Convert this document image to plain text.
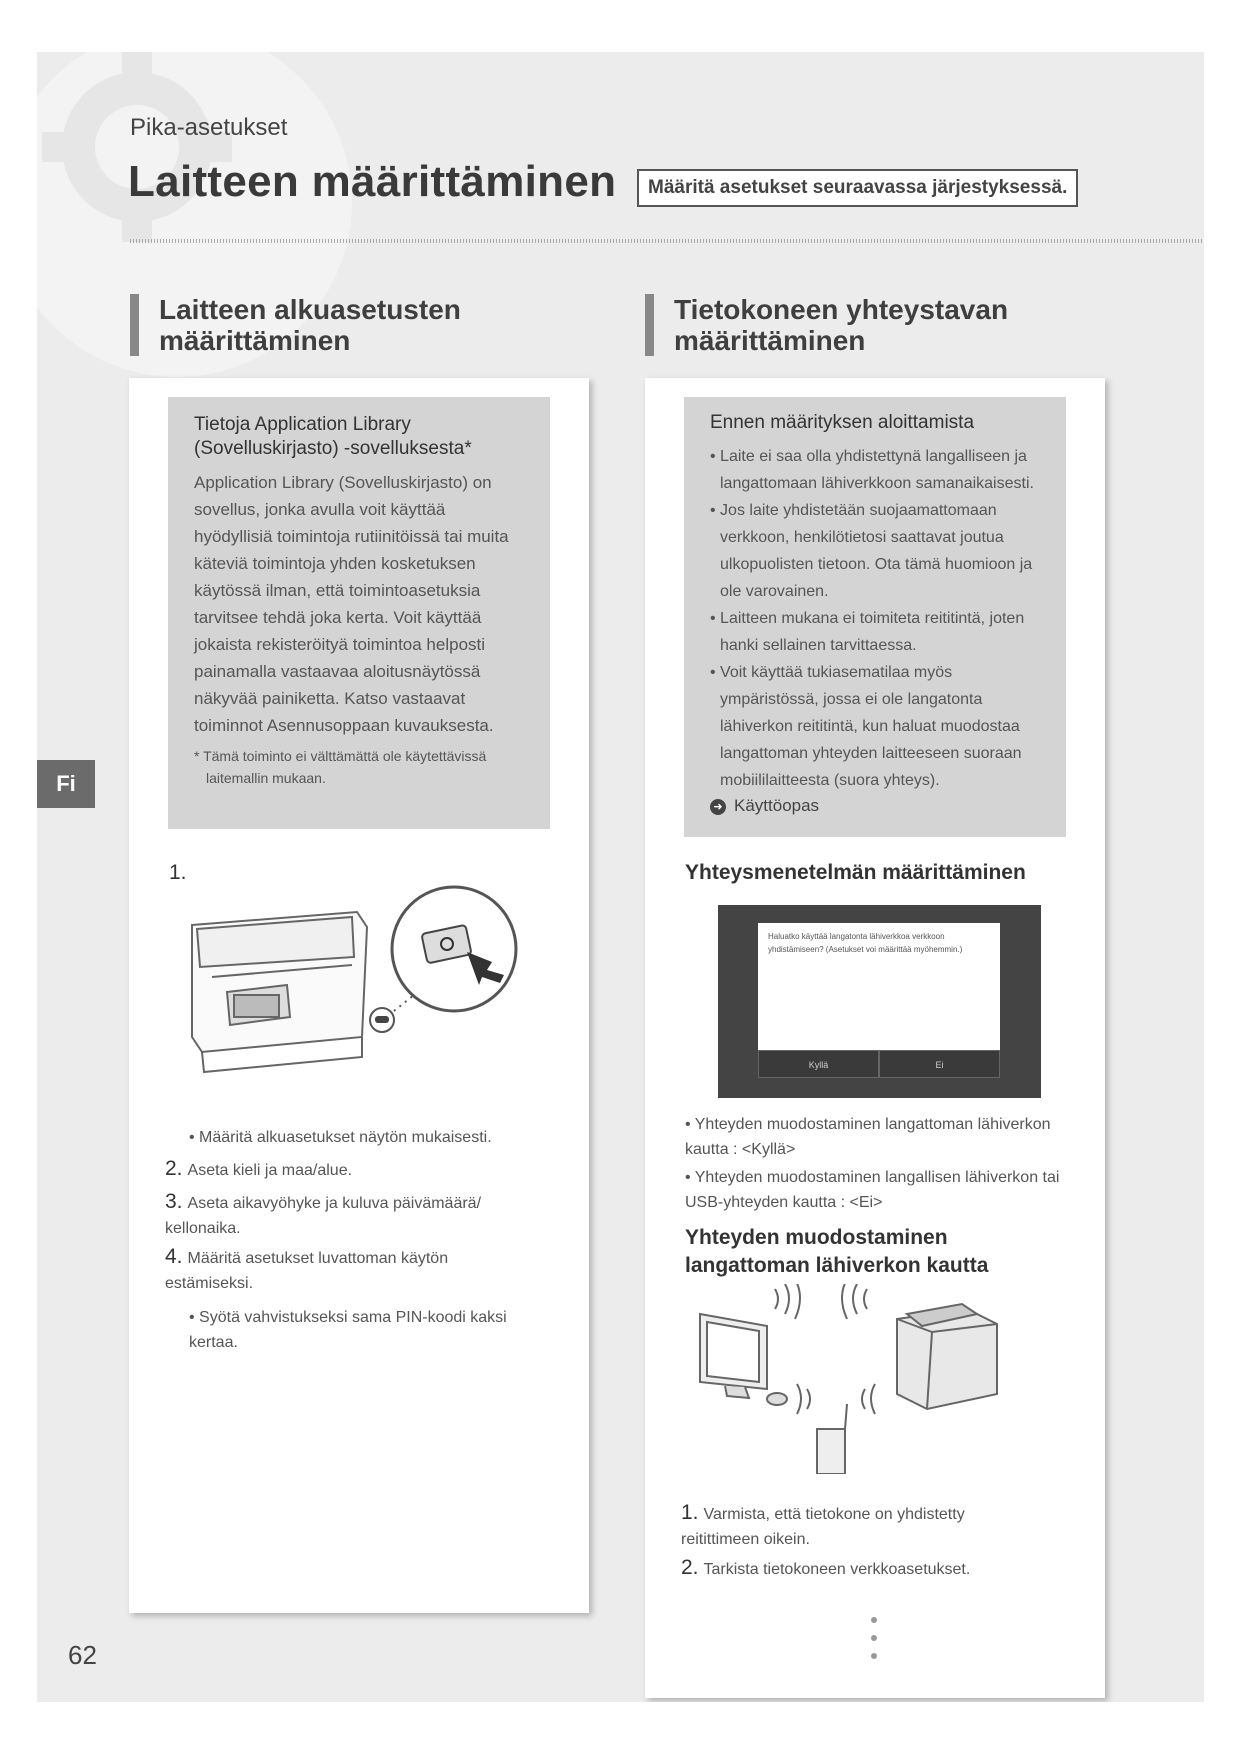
Pika-asetukset
Laitteen määrittäminen	Määritä asetukset seuraavassa järjestyksessä.
Laitteen alkuasetusten määrittäminen
Tietoja Application Library (Sovelluskirjasto) -sovelluksesta*
Application Library (Sovelluskirjasto) on sovellus, jonka avulla voit käyttää hyödyllisiä toimintoja rutiinitöissä tai muita käteviä toimintoja yhden kosketuksen käytössä ilman, että toimintoasetuksia tarvitsee tehdä joka kerta. Voit käyttää jokaista rekisteröityä toimintoa helposti painamalla vastaavaa aloitusnäytössä näkyvää painiketta. Katso vastaavat toiminnot Asennusoppaan kuvauksesta.
* Tämä toiminto ei välttämättä ole käytettävissä laitemallin mukaan.
1.
• Määritä alkuasetukset näytön mukaisesti.
2. Aseta kieli ja maa/alue.
3. Aseta aikavyöhyke ja kuluva päivämäärä/ kellonaika.
4. Määritä asetukset luvattoman käytön estämiseksi.
• Syötä vahvistukseksi sama PIN-koodi kaksi kertaa.
Tietokoneen yhteystavan määrittäminen
Ennen määrityksen aloittamista
• Laite ei saa olla yhdistettynä langalliseen ja langattomaan lähiverkkoon samanaikaisesti.
• Jos laite yhdistetään suojaamattomaan verkkoon, henkilötietosi saattavat joutua ulkopuolisten tietoon. Ota tämä huomioon ja ole varovainen.
• Laitteen mukana ei toimiteta reititintä, joten hanki sellainen tarvittaessa.
• Voit käyttää tukiasematilaa myös ympäristössä, jossa ei ole langatonta lähiverkon reititintä, kun haluat muodostaa langattoman yhteyden laitteeseen suoraan mobiililaitteesta (suora yhteys).
➜ Käyttöopas
Yhteysmenetelmän määrittäminen
Haluatko käyttää langatonta lähiverkkoa verkkoon yhdistämiseen? (Asetukset voi määrittää myöhemmin.)
Kyllä	Ei
• Yhteyden muodostaminen langattoman lähiverkon kautta : <Kyllä>
• Yhteyden muodostaminen langallisen lähiverkon tai USB-yhteyden kautta : <Ei>
Yhteyden muodostaminen langattoman lähiverkon kautta
1. Varmista, että tietokone on yhdistetty reitittimeen oikein.
2. Tarkista tietokoneen verkkoasetukset.
Fi
62
